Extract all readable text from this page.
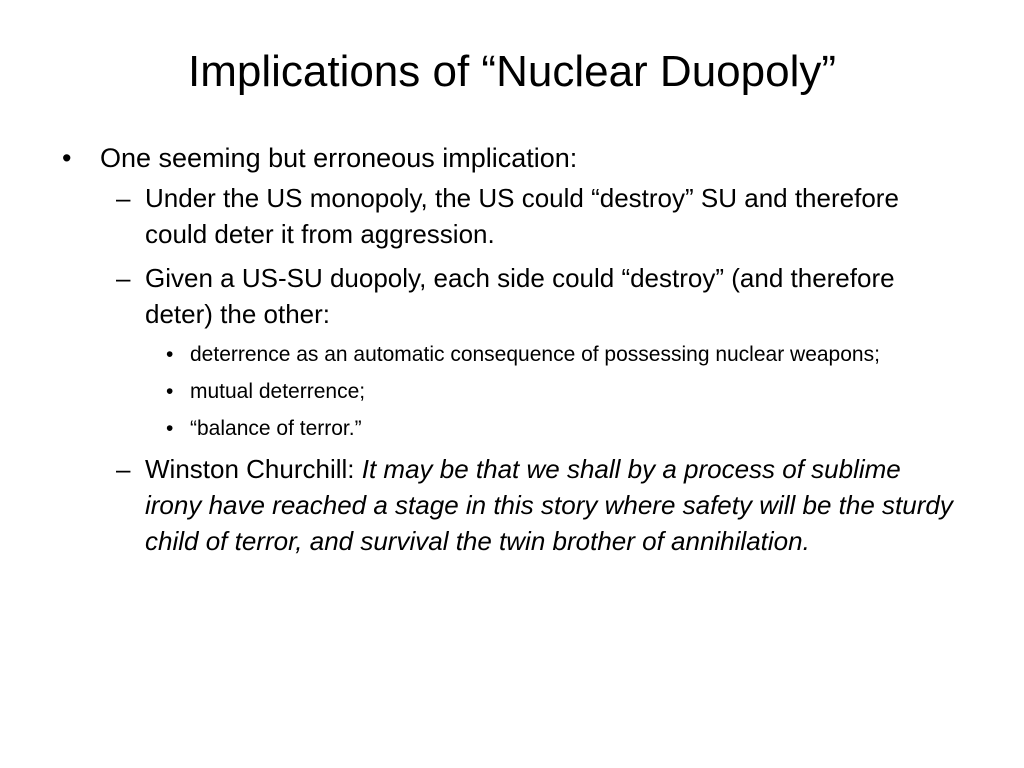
Implications of “Nuclear Duopoly”
• One seeming but erroneous implication:
– Under the US monopoly, the US could “destroy” SU and therefore could deter it from aggression.
– Given a US-SU duopoly, each side could “destroy” (and therefore deter) the other:
• deterrence as an automatic consequence of possessing nuclear weapons;
• mutual deterrence;
• “balance of terror.”
– Winston Churchill: It may be that we shall by a process of sublime irony have reached a stage in this story where safety will be the sturdy child of terror, and survival the twin brother of annihilation.
